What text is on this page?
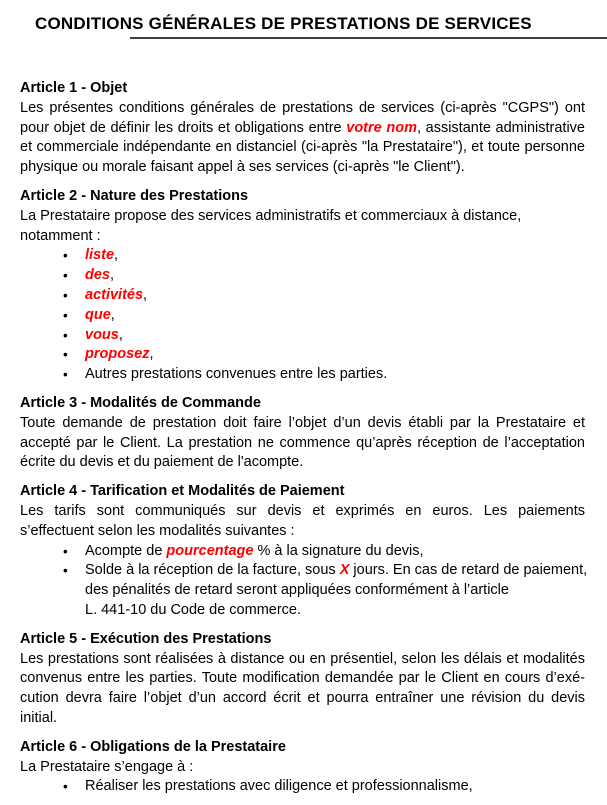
CONDITIONS GÉNÉRALES DE PRESTATIONS DE SERVICES
Article 1 - Objet
Les présentes conditions générales de prestations de services (ci-après "CGPS") ont
pour objet de définir les droits et obligations entre votre nom, assistante administrative
et commerciale indépendante en distanciel (ci-après "la Prestataire"), et toute personne
physique ou morale faisant appel à ses services (ci-après "le Client").
Article 2 - Nature des Prestations
La Prestataire propose des services administratifs et commerciaux à distance,
notamment :
• liste,
• des,
• activités,
• que,
• vous,
• proposez,
• Autres prestations convenues entre les parties.
Article 3 - Modalités de Commande
Toute demande de prestation doit faire l’objet d’un devis établi par la Prestataire et
accepté par le Client. La prestation ne commence qu’après réception de l’acceptation
écrite du devis et du paiement de l'acompte.
Article 4 - Tarification et Modalités de Paiement
Les tarifs sont communiqués sur devis et exprimés en euros. Les paiements
s’effectuent selon les modalités suivantes :
• Acompte de pourcentage % à la signature du devis,
• Solde à la réception de la facture, sous X jours. En cas de retard de paiement,
des pénalités de retard seront appliquées conformément à l’article
L. 441-10 du Code de commerce.
Article 5 - Exécution des Prestations
Les prestations sont réalisées à distance ou en présentiel, selon les délais et modalités
convenus entre les parties. Toute modification demandée par le Client en cours d’exé-
cution devra faire l’objet d’un accord écrit et pourra entraîner une révision du devis
initial.
Article 6 - Obligations de la Prestataire
La Prestataire s’engage à :
• Réaliser les prestations avec diligence et professionnalisme,
